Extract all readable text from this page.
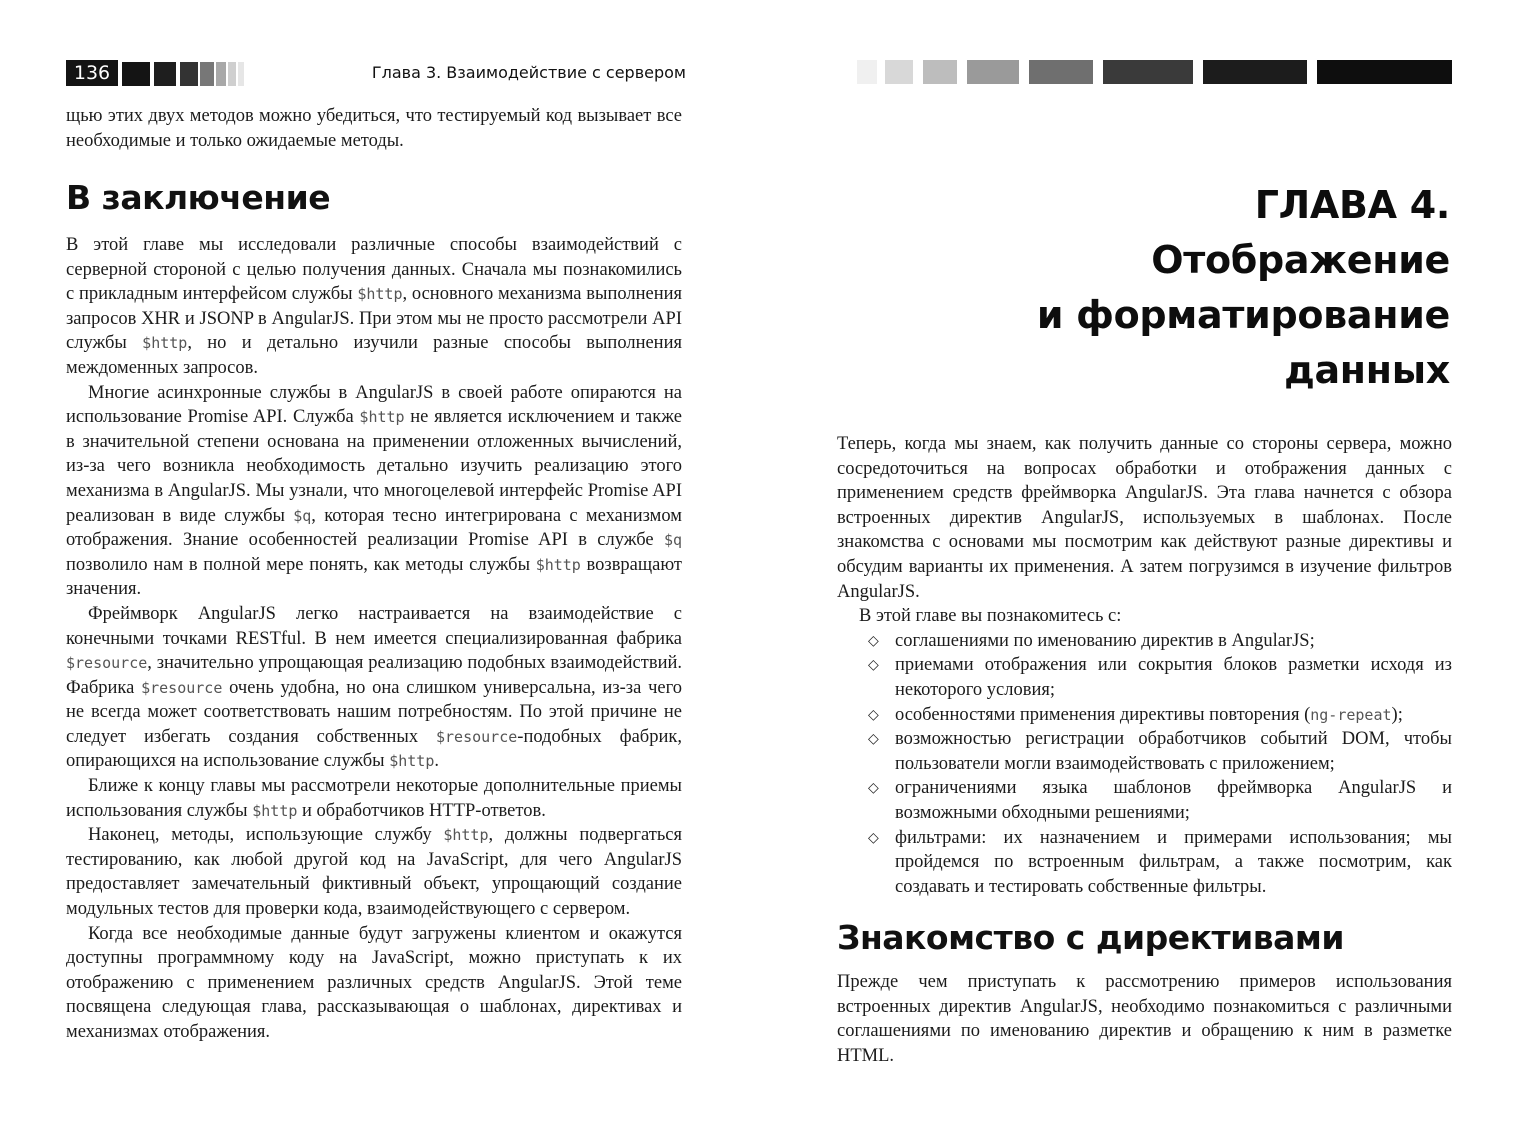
136	Глава 3. Взаимодействие с сервером

щью этих двух методов можно убедиться, что тестируемый код вызывает все необходимые и только ожидаемые методы.

В заключение

В этой главе мы исследовали различные способы взаимодействий с серверной стороной с целью получения данных. Сначала мы познакомились с прикладным интерфейсом службы $http, основного механизма выполнения запросов XHR и JSONP в AngularJS. При этом мы не просто рассмотрели API службы $http, но и детально изучили разные способы выполнения междоменных запросов.

Многие асинхронные службы в AngularJS в своей работе опираются на использование Promise API. Служба $http не является исключением и также в значительной степени основана на применении отложенных вычислений, из-за чего возникла необходимость детально изучить реализацию этого механизма в AngularJS. Мы узнали, что многоцелевой интерфейс Promise API реализован в виде службы $q, которая тесно интегрирована с механизмом отображения. Знание особенностей реализации Promise API в службе $q позволило нам в полной мере понять, как методы службы $http возвращают значения.

Фреймворк AngularJS легко настраивается на взаимодействие с конечными точками RESTful. В нем имеется специализированная фабрика $resource, значительно упрощающая реализацию подобных взаимодействий. Фабрика $resource очень удобна, но она слишком универсальна, из-за чего не всегда может соответствовать нашим потребностям. По этой причине не следует избегать создания собственных $resource-подобных фабрик, опирающихся на использование службы $http.

Ближе к концу главы мы рассмотрели некоторые дополнительные приемы использования службы $http и обработчиков HTTP-ответов.

Наконец, методы, использующие службу $http, должны подвергаться тестированию, как любой другой код на JavaScript, для чего AngularJS предоставляет замечательный фиктивный объект, упрощающий создание модульных тестов для проверки кода, взаимодействующего с сервером.

Когда все необходимые данные будут загружены клиентом и окажутся доступны программному коду на JavaScript, можно приступать к их отображению с применением различных средств AngularJS. Этой теме посвящена следующая глава, рассказывающая о шаблонах, директивах и механизмах отображения.

ГЛАВА 4.
Отображение
и форматирование
данных

Теперь, когда мы знаем, как получить данные со стороны сервера, можно сосредоточиться на вопросах обработки и отображения данных с применением средств фреймворка AngularJS. Эта глава начнется с обзора встроенных директив AngularJS, используемых в шаблонах. После знакомства с основами мы посмотрим как действуют разные директивы и обсудим варианты их применения. А затем погрузимся в изучение фильтров AngularJS.

В этой главе вы познакомитесь с:

◇ соглашениями по именованию директив в AngularJS;
◇ приемами отображения или сокрытия блоков разметки исходя из некоторого условия;
◇ особенностями применения директивы повторения (ng-repeat);
◇ возможностью регистрации обработчиков событий DOM, чтобы пользователи могли взаимодействовать с приложением;
◇ ограничениями языка шаблонов фреймворка AngularJS и возможными обходными решениями;
◇ фильтрами: их назначением и примерами использования; мы пройдемся по встроенным фильтрам, а также посмотрим, как создавать и тестировать собственные фильтры.
Знакомство с директивами

Прежде чем приступать к рассмотрению примеров использования встроенных директив AngularJS, необходимо познакомиться с различными соглашениями по именованию директив и обращению к ним в разметке HTML.
